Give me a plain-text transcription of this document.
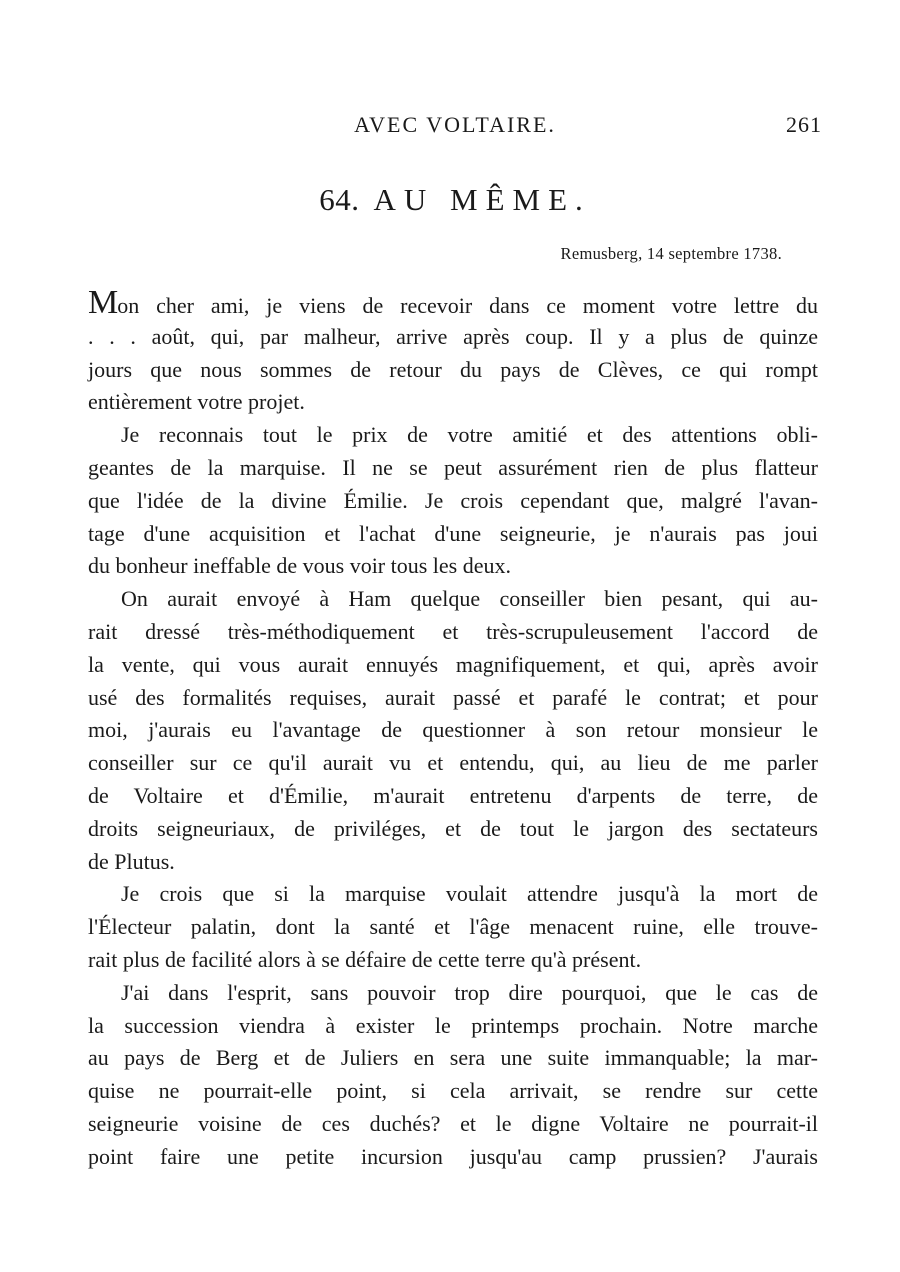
AVEC VOLTAIRE.	261
64. AU MÊME.
Remusberg, 14 septembre 1738.
Mon cher ami, je viens de recevoir dans ce moment votre lettre du
. . . août, qui, par malheur, arrive après coup. Il y a plus de quinze
jours que nous sommes de retour du pays de Clèves, ce qui rompt
entièrement votre projet.
Je reconnais tout le prix de votre amitié et des attentions obli-
geantes de la marquise. Il ne se peut assurément rien de plus flatteur
que l'idée de la divine Émilie. Je crois cependant que, malgré l'avan-
tage d'une acquisition et l'achat d'une seigneurie, je n'aurais pas joui
du bonheur ineffable de vous voir tous les deux.
On aurait envoyé à Ham quelque conseiller bien pesant, qui au-
rait dressé très-méthodiquement et très-scrupuleusement l'accord de
la vente, qui vous aurait ennuyés magnifiquement, et qui, après avoir
usé des formalités requises, aurait passé et parafé le contrat; et pour
moi, j'aurais eu l'avantage de questionner à son retour monsieur le
conseiller sur ce qu'il aurait vu et entendu, qui, au lieu de me parler
de Voltaire et d'Émilie, m'aurait entretenu d'arpents de terre, de
droits seigneuriaux, de priviléges, et de tout le jargon des sectateurs
de Plutus.
Je crois que si la marquise voulait attendre jusqu'à la mort de
l'Électeur palatin, dont la santé et l'âge menacent ruine, elle trouve-
rait plus de facilité alors à se défaire de cette terre qu'à présent.
J'ai dans l'esprit, sans pouvoir trop dire pourquoi, que le cas de
la succession viendra à exister le printemps prochain. Notre marche
au pays de Berg et de Juliers en sera une suite immanquable; la mar-
quise ne pourrait-elle point, si cela arrivait, se rendre sur cette
seigneurie voisine de ces duchés? et le digne Voltaire ne pourrait-il
point faire une petite incursion jusqu'au camp prussien? J'aurais
